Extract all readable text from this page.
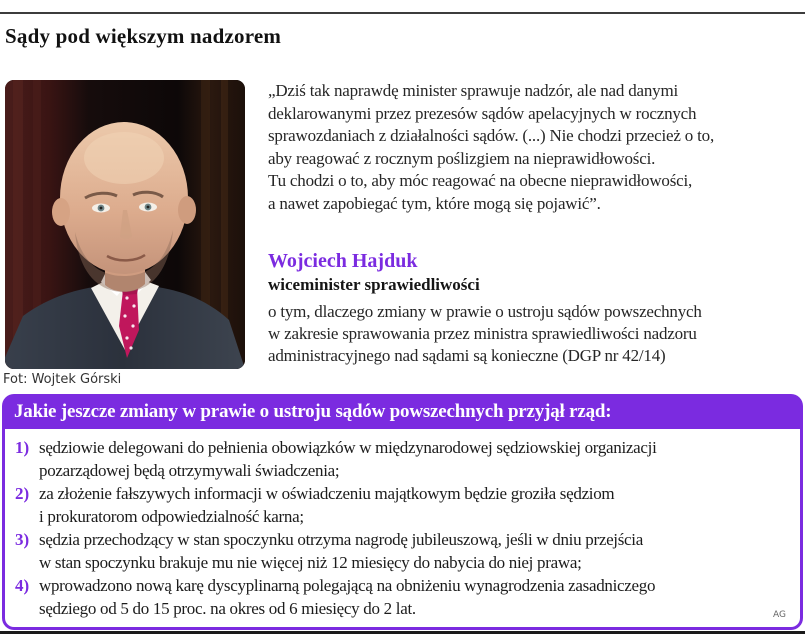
Sądy pod większym nadzorem
Fot: Wojtek Górski
„Dziś tak naprawdę minister sprawuje nadzór, ale nad danymi
deklarowanymi przez prezesów sądów apelacyjnych w rocznych
sprawozdaniach z działalności sądów. (...) Nie chodzi przecież o to,
aby reagować z rocznym poślizgiem na nieprawidłowości.
Tu chodzi o to, aby móc reagować na obecne nieprawidłowości,
a nawet zapobiegać tym, które mogą się pojawić”.
Wojciech Hajduk
wiceminister sprawiedliwości
o tym, dlaczego zmiany w prawie o ustroju sądów powszechnych
w zakresie sprawowania przez ministra sprawiedliwości nadzoru
administracyjnego nad sądami są konieczne (DGP nr 42/14)
Jakie jeszcze zmiany w prawie o ustroju sądów powszechnych przyjął rząd:
1) sędziowie delegowani do pełnienia obowiązków w międzynarodowej sędziowskiej organizacji
pozarządowej będą otrzymywali świadczenia;
2) za złożenie fałszywych informacji w oświadczeniu majątkowym będzie groziła sędziom
i prokuratorom odpowiedzialność karna;
3) sędzia przechodzący w stan spoczynku otrzyma nagrodę jubileuszową, jeśli w dniu przejścia
w stan spoczynku brakuje mu nie więcej niż 12 miesięcy do nabycia do niej prawa;
4) wprowadzono nową karę dyscyplinarną polegającą na obniżeniu wynagrodzenia zasadniczego
sędziego od 5 do 15 proc. na okres od 6 miesięcy do 2 lat.	AG
